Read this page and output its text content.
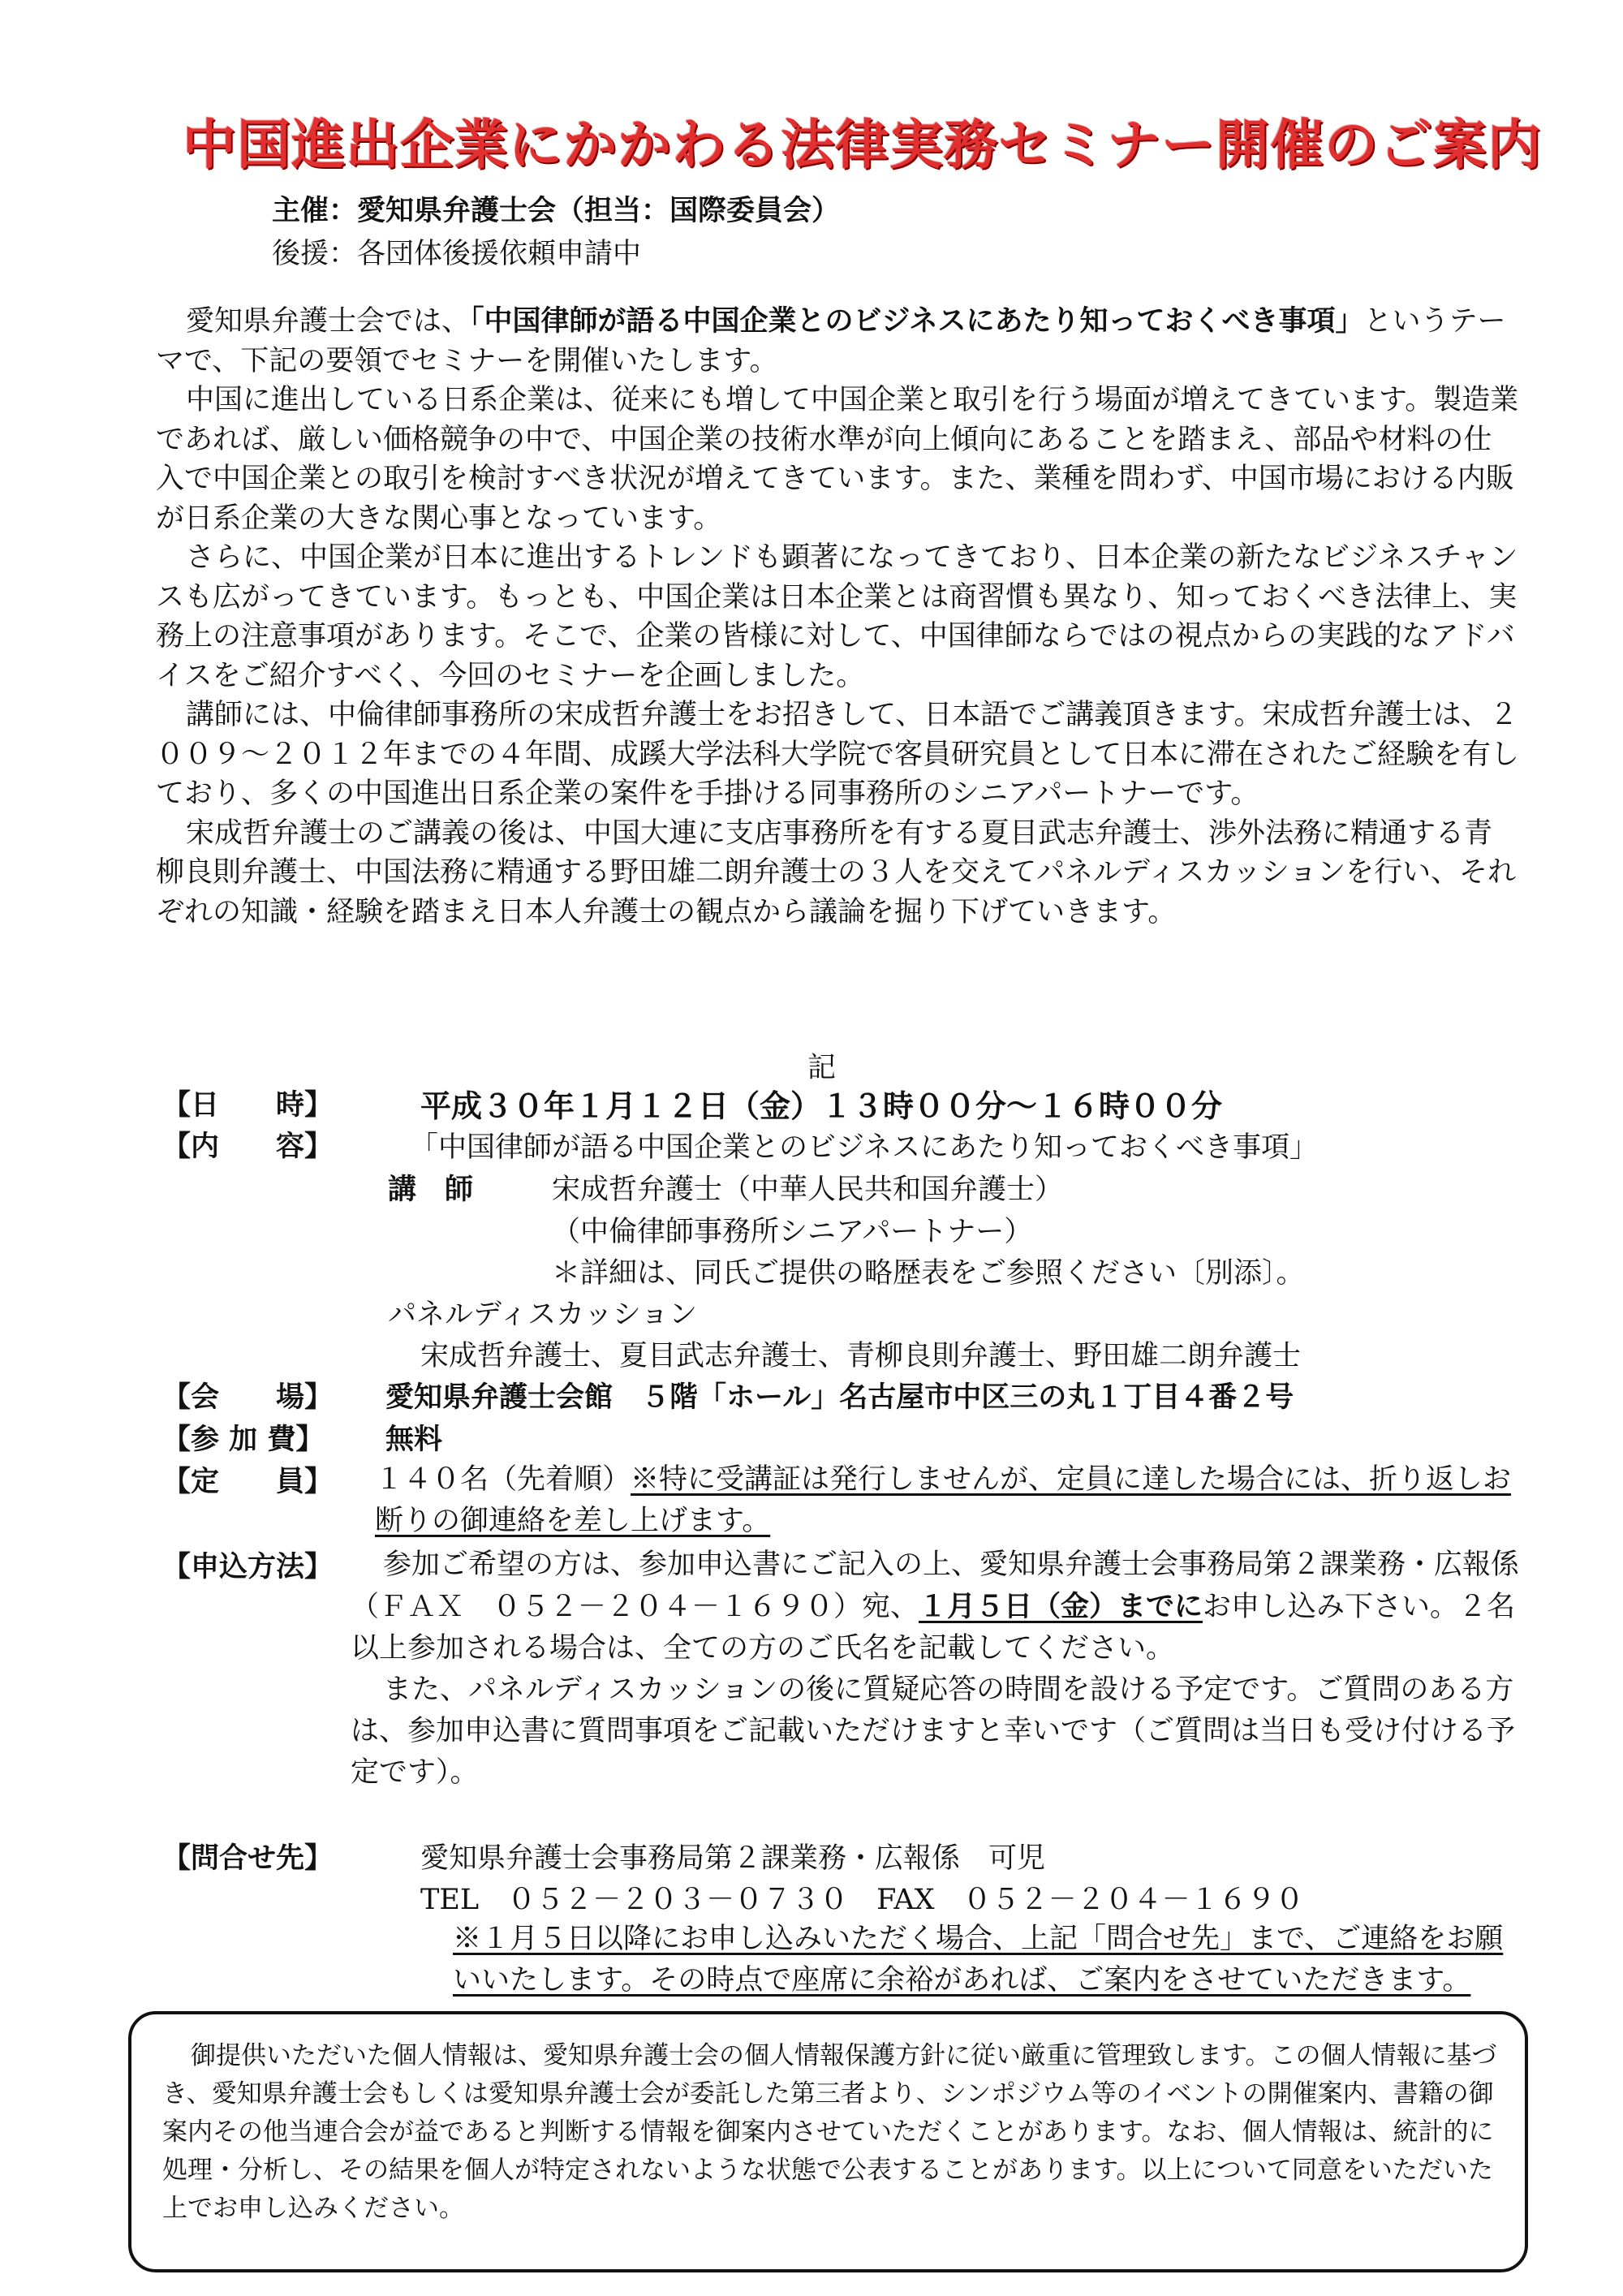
中国進出企業にかかわる法律実務セミナー開催のご案内
主催：愛知県弁護士会（担当：国際委員会）
後援：各団体後援依頼申請中

愛知県弁護士会では、「中国律師が語る中国企業とのビジネスにあたり知っておくべき事項」というテーマで、下記の要領でセミナーを開催いたします。

中国に進出している日系企業は、従来にも増して中国企業と取引を行う場面が増えてきています。製造業であれば、厳しい価格競争の中で、中国企業の技術水準が向上傾向にあることを踏まえ、部品や材料の仕入で中国企業との取引を検討すべき状況が増えてきています。また、業種を問わず、中国市場における内販が日系企業の大きな関心事となっています。

さらに、中国企業が日本に進出するトレンドも顕著になってきており、日本企業の新たなビジネスチャンスも広がってきています。もっとも、中国企業は日本企業とは商習慣も異なり、知っておくべき法律上、実務上の注意事項があります。そこで、企業の皆様に対して、中国律師ならではの視点からの実践的なアドバイスをご紹介すべく、今回のセミナーを企画しました。

講師には、中倫律師事務所の宋成哲弁護士をお招きして、日本語でご講義頂きます。宋成哲弁護士は、２００９～２０１２年までの４年間、成蹊大学法科大学院で客員研究員として日本に滞在されたご経験を有しており、多くの中国進出日系企業の案件を手掛ける同事務所のシニアパートナーです。

宋成哲弁護士のご講義の後は、中国大連に支店事務所を有する夏目武志弁護士、渉外法務に精通する青柳良則弁護士、中国法務に精通する野田雄二朗弁護士の３人を交えてパネルディスカッションを行い、それぞれの知識・経験を踏まえ日本人弁護士の観点から議論を掘り下げていきます。

記
【日　　時】	平成３０年１月１２日（金）１３時００分～１６時００分
【内　　容】	「中国律師が語る中国企業とのビジネスにあたり知っておくべき事項」
講　師	宋成哲弁護士（中華人民共和国弁護士）
（中倫律師事務所シニアパートナー）
＊詳細は、同氏ご提供の略歴表をご参照ください〔別添〕。
パネルディスカッション
宋成哲弁護士、夏目武志弁護士、青柳良則弁護士、野田雄二朗弁護士
【会　　場】 愛知県弁護士会館　５階「ホール」名古屋市中区三の丸１丁目４番２号
【参 加 費】 無料
【定　　員】 １４０名（先着順）※特に受講証は発行しませんが、定員に達した場合には、折り返しお断りの御連絡を差し上げます。
【申込方法】	参加ご希望の方は、参加申込書にご記入の上、愛知県弁護士会事務局第２課業務・広報係（ＦＡＸ　０５２－２０４－１６９０）宛、１月５日（金）までにお申し込み下さい。２名以上参加される場合は、全ての方のご氏名を記載してください。
また、パネルディスカッションの後に質疑応答の時間を設ける予定です。ご質問のある方は、参加申込書に質問事項をご記載いただけますと幸いです（ご質問は当日も受け付ける予定です）。
【問合せ先】	愛知県弁護士会事務局第２課業務・広報係　可児
TEL　０５２－２０３－０７３０　FAX　０５２－２０４－１６９０
※１月５日以降にお申し込みいただく場合、上記「問合せ先」まで、ご連絡をお願いいたします。その時点で座席に余裕があれば、ご案内をさせていただきます。
御提供いただいた個人情報は、愛知県弁護士会の個人情報保護方針に従い厳重に管理致します。この個人情報に基づき、愛知県弁護士会もしくは愛知県弁護士会が委託した第三者より、シンポジウム等のイベントの開催案内、書籍の御案内その他当連合会が益であると判断する情報を御案内させていただくことがあります。なお、個人情報は、統計的に処理・分析し、その結果を個人が特定されないような状態で公表することがあります。以上について同意をいただいた上でお申し込みください。
